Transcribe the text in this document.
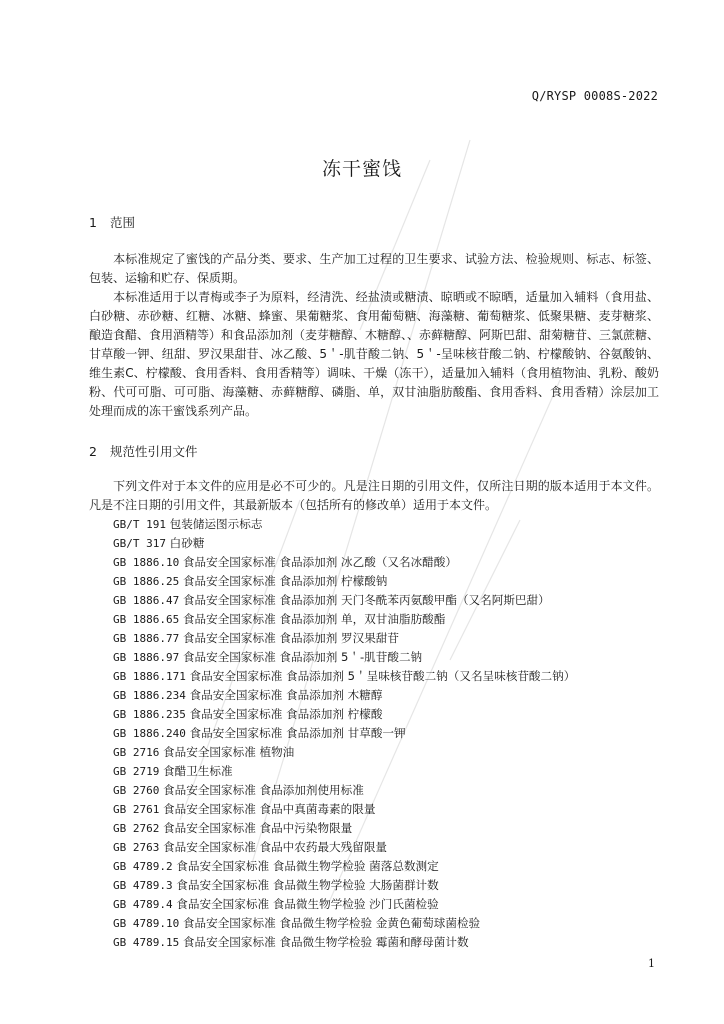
Q/RYSP 0008S-2022
冻干蜜饯
1 范围

本标准规定了蜜饯的产品分类、要求、生产加工过程的卫生要求、试验方法、检验规则、标志、标签、包装、运输和贮存、保质期。

本标准适用于以青梅或李子为原料，经清洗、经盐渍或糖渍、晾晒或不晾晒，适量加入辅料（食用盐、白砂糖、赤砂糖、红糖、冰糖、蜂蜜、果葡糖浆、食用葡萄糖、海藻糖、葡萄糖浆、低聚果糖、麦芽糖浆、酿造食醋、食用酒精等）和食品添加剂（麦芽糖醇、木糖醇、、赤藓糖醇、阿斯巴甜、甜菊糖苷、三氯蔗糖、甘草酸一钾、纽甜、罗汉果甜苷、冰乙酸、5＇-肌苷酸二钠、5＇-呈味核苷酸二钠、柠檬酸钠、谷氨酸钠、维生素C、柠檬酸、食用香料、食用香精等）调味、干燥（冻干），适量加入辅料（食用植物油、乳粉、酸奶粉、代可可脂、可可脂、海藻糖、赤藓糖醇、磷脂、单，双甘油脂肪酸酯、食用香料、食用香精）涂层加工处理而成的冻干蜜饯系列产品。

2 规范性引用文件

下列文件对于本文件的应用是必不可少的。凡是注日期的引用文件，仅所注日期的版本适用于本文件。凡是不注日期的引用文件，其最新版本（包括所有的修改单）适用于本文件。

GB/T 191 包装储运图示标志
GB/T 317 白砂糖
GB 1886.10 食品安全国家标准 食品添加剂 冰乙酸（又名冰醋酸）
GB 1886.25 食品安全国家标准 食品添加剂 柠檬酸钠
GB 1886.47 食品安全国家标准 食品添加剂 天门冬酰苯丙氨酸甲酯（又名阿斯巴甜）
GB 1886.65 食品安全国家标准 食品添加剂 单，双甘油脂肪酸酯
GB 1886.77 食品安全国家标准 食品添加剂 罗汉果甜苷
GB 1886.97 食品安全国家标准 食品添加剂 5＇-肌苷酸二钠
GB 1886.171 食品安全国家标准 食品添加剂 5＇呈味核苷酸二钠（又名呈味核苷酸二钠）
GB 1886.234 食品安全国家标准 食品添加剂 木糖醇
GB 1886.235 食品安全国家标准 食品添加剂 柠檬酸
GB 1886.240 食品安全国家标准 食品添加剂 甘草酸一钾
GB 2716 食品安全国家标准 植物油
GB 2719 食醋卫生标准
GB 2760 食品安全国家标准 食品添加剂使用标准
GB 2761 食品安全国家标准 食品中真菌毒素的限量
GB 2762 食品安全国家标准 食品中污染物限量
GB 2763 食品安全国家标准 食品中农药最大残留限量
GB 4789.2 食品安全国家标准 食品微生物学检验 菌落总数测定
GB 4789.3 食品安全国家标准 食品微生物学检验 大肠菌群计数
GB 4789.4 食品安全国家标准 食品微生物学检验 沙门氏菌检验
GB 4789.10 食品安全国家标准 食品微生物学检验 金黄色葡萄球菌检验
GB 4789.15 食品安全国家标准 食品微生物学检验 霉菌和酵母菌计数
1
